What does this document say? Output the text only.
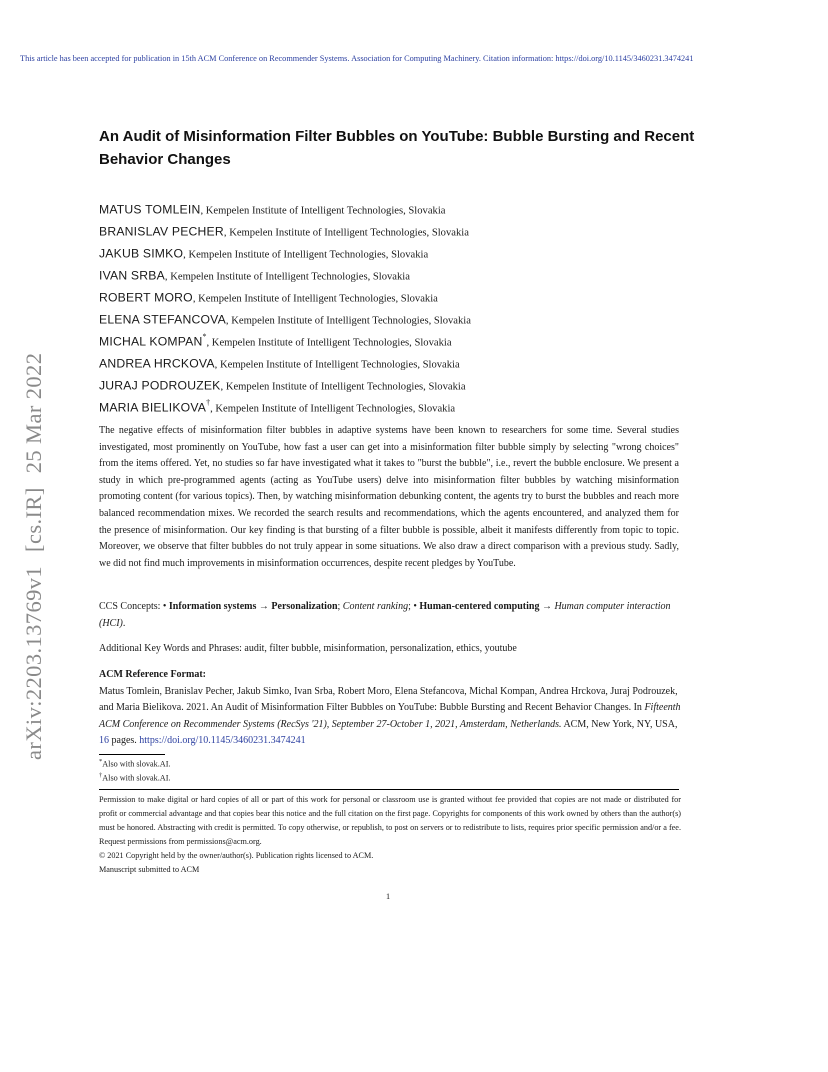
This article has been accepted for publication in 15th ACM Conference on Recommender Systems. Association for Computing Machinery. Citation information: https://doi.org/10.1145/3460231.3474241
arXiv:2203.13769v1[cs.IR]25 Mar 2022
An Audit of Misinformation Filter Bubbles on YouTube: Bubble Bursting and Recent Behavior Changes
MATUS TOMLEIN, Kempelen Institute of Intelligent Technologies, Slovakia
BRANISLAV PECHER, Kempelen Institute of Intelligent Technologies, Slovakia
JAKUB SIMKO, Kempelen Institute of Intelligent Technologies, Slovakia
IVAN SRBA, Kempelen Institute of Intelligent Technologies, Slovakia
ROBERT MORO, Kempelen Institute of Intelligent Technologies, Slovakia
ELENA STEFANCOVA, Kempelen Institute of Intelligent Technologies, Slovakia
MICHAL KOMPAN*, Kempelen Institute of Intelligent Technologies, Slovakia
ANDREA HRCKOVA, Kempelen Institute of Intelligent Technologies, Slovakia
JURAJ PODROUZEK, Kempelen Institute of Intelligent Technologies, Slovakia
MARIA BIELIKOVA†, Kempelen Institute of Intelligent Technologies, Slovakia
The negative effects of misinformation filter bubbles in adaptive systems have been known to researchers for some time. Several studies investigated, most prominently on YouTube, how fast a user can get into a misinformation filter bubble simply by selecting "wrong choices" from the items offered. Yet, no studies so far have investigated what it takes to "burst the bubble", i.e., revert the bubble enclosure. We present a study in which pre-programmed agents (acting as YouTube users) delve into misinformation filter bubbles by watching misinformation promoting content (for various topics). Then, by watching misinformation debunking content, the agents try to burst the bubbles and reach more balanced recommendation mixes. We recorded the search results and recommendations, which the agents encountered, and analyzed them for the presence of misinformation. Our key finding is that bursting of a filter bubble is possible, albeit it manifests differently from topic to topic. Moreover, we observe that filter bubbles do not truly appear in some situations. We also draw a direct comparison with a previous study. Sadly, we did not find much improvements in misinformation occurrences, despite recent pledges by YouTube.
CCS Concepts: • Information systems → Personalization; Content ranking; • Human-centered computing → Human computer interaction (HCI).
Additional Key Words and Phrases: audit, filter bubble, misinformation, personalization, ethics, youtube
ACM Reference Format:
Matus Tomlein, Branislav Pecher, Jakub Simko, Ivan Srba, Robert Moro, Elena Stefancova, Michal Kompan, Andrea Hrckova, Juraj Podrouzek, and Maria Bielikova. 2021. An Audit of Misinformation Filter Bubbles on YouTube: Bubble Bursting and Recent Behavior Changes. In Fifteenth ACM Conference on Recommender Systems (RecSys '21), September 27-October 1, 2021, Amsterdam, Netherlands. ACM, New York, NY, USA, 16 pages. https://doi.org/10.1145/3460231.3474241
*Also with slovak.AI.
†Also with slovak.AI.
Permission to make digital or hard copies of all or part of this work for personal or classroom use is granted without fee provided that copies are not made or distributed for profit or commercial advantage and that copies bear this notice and the full citation on the first page. Copyrights for components of this work owned by others than the author(s) must be honored. Abstracting with credit is permitted. To copy otherwise, or republish, to post on servers or to redistribute to lists, requires prior specific permission and/or a fee. Request permissions from permissions@acm.org.
© 2021 Copyright held by the owner/author(s). Publication rights licensed to ACM.
Manuscript submitted to ACM
1
